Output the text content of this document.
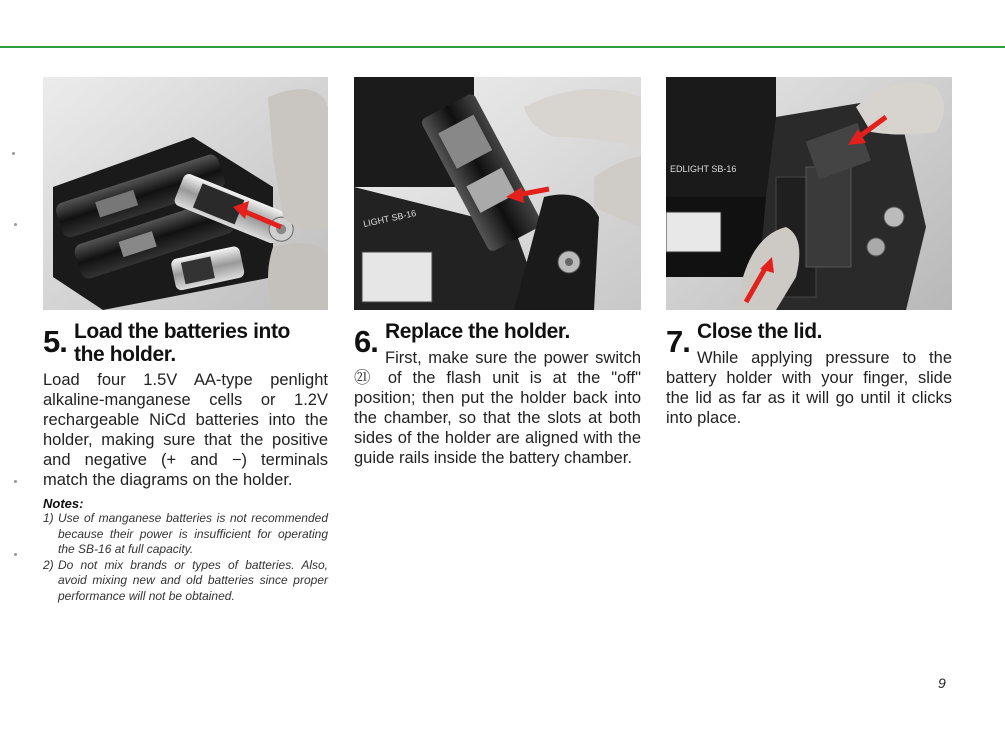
LIGHT SB-16
EDLIGHT SB-16
5. Load the batteries into
the holder.
Load four 1.5V AA-type penlight alkaline-manganese cells or 1.2V rechargeable NiCd batteries into the holder, making sure that the positive and negative (+ and −) terminals match the diagrams on the holder.
Notes:
1) Use of manganese batteries is not recommended because their power is insufficient for operating the SB-16 at full capacity.
2) Do not mix brands or types of batteries. Also, avoid mixing new and old batteries since proper performance will not be obtained.
6. Replace the holder.
First, make sure the power switch ㉑ of the flash unit is at the "off" position; then put the holder back into the chamber, so that the slots at both sides of the holder are aligned with the guide rails inside the battery chamber.
7. Close the lid.
While applying pressure to the battery holder with your finger, slide the lid as far as it will go until it clicks into place.
9
